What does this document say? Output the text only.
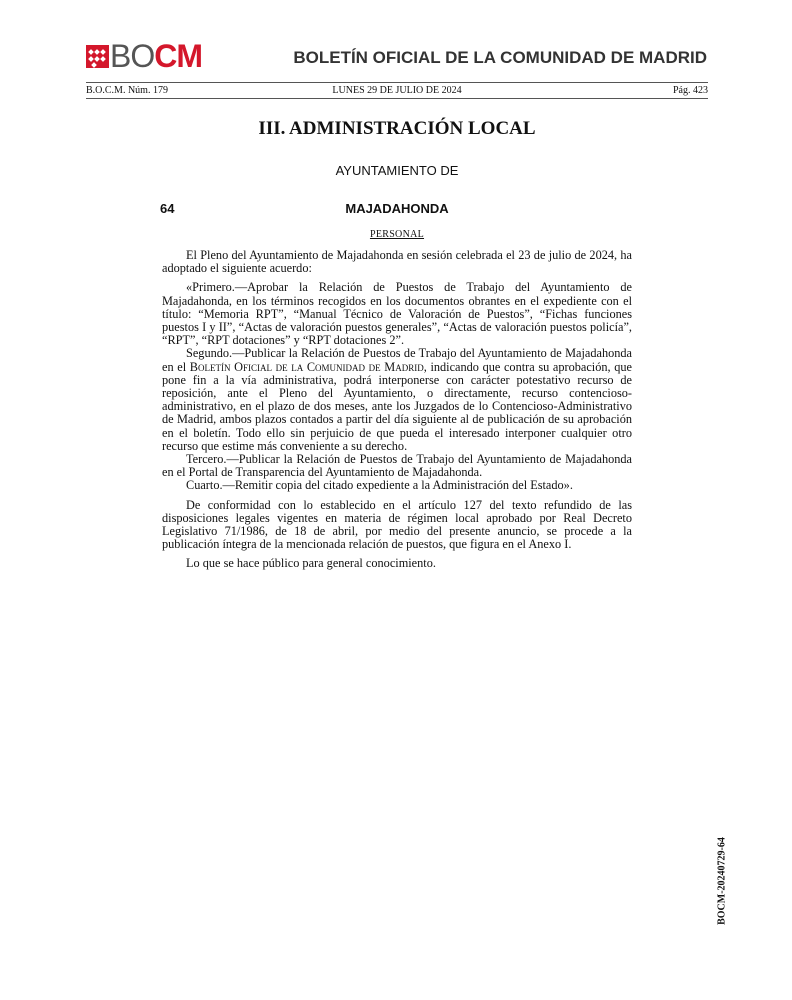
BOCM	BOLETÍN OFICIAL DE LA COMUNIDAD DE MADRID
B.O.C.M. Núm. 179	LUNES 29 DE JULIO DE 2024	Pág. 423
III. ADMINISTRACIÓN LOCAL
AYUNTAMIENTO DE
64	MAJADAHONDA
PERSONAL

El Pleno del Ayuntamiento de Majadahonda en sesión celebrada el 23 de julio de 2024, ha adoptado el siguiente acuerdo:

«Primero.—Aprobar la Relación de Puestos de Trabajo del Ayuntamiento de Majadahonda, en los términos recogidos en los documentos obrantes en el expediente con el título: “Memoria RPT”, “Manual Técnico de Valoración de Puestos”, “Fichas funciones puestos I y II”, “Actas de valoración puestos generales”, “Actas de valoración puestos policía”, “RPT”, “RPT dotaciones” y “RPT dotaciones 2”.

Segundo.—Publicar la Relación de Puestos de Trabajo del Ayuntamiento de Majadahonda en el Boletín Oficial de la Comunidad de Madrid, indicando que contra su aprobación, que pone fin a la vía administrativa, podrá interponerse con carácter potestativo recurso de reposición, ante el Pleno del Ayuntamiento, o directamente, recurso contencioso-administrativo, en el plazo de dos meses, ante los Juzgados de lo Contencioso-Administrativo de Madrid, ambos plazos contados a partir del día siguiente al de publicación de su aprobación en el boletín. Todo ello sin perjuicio de que pueda el interesado interponer cualquier otro recurso que estime más conveniente a su derecho.

Tercero.—Publicar la Relación de Puestos de Trabajo del Ayuntamiento de Majadahonda en el Portal de Transparencia del Ayuntamiento de Majadahonda.

Cuarto.—Remitir copia del citado expediente a la Administración del Estado».

De conformidad con lo establecido en el artículo 127 del texto refundido de las disposiciones legales vigentes en materia de régimen local aprobado por Real Decreto Legislativo 71/1986, de 18 de abril, por medio del presente anuncio, se procede a la publicación íntegra de la mencionada relación de puestos, que figura en el Anexo I.

Lo que se hace público para general conocimiento.

BOCM-20240729-64
